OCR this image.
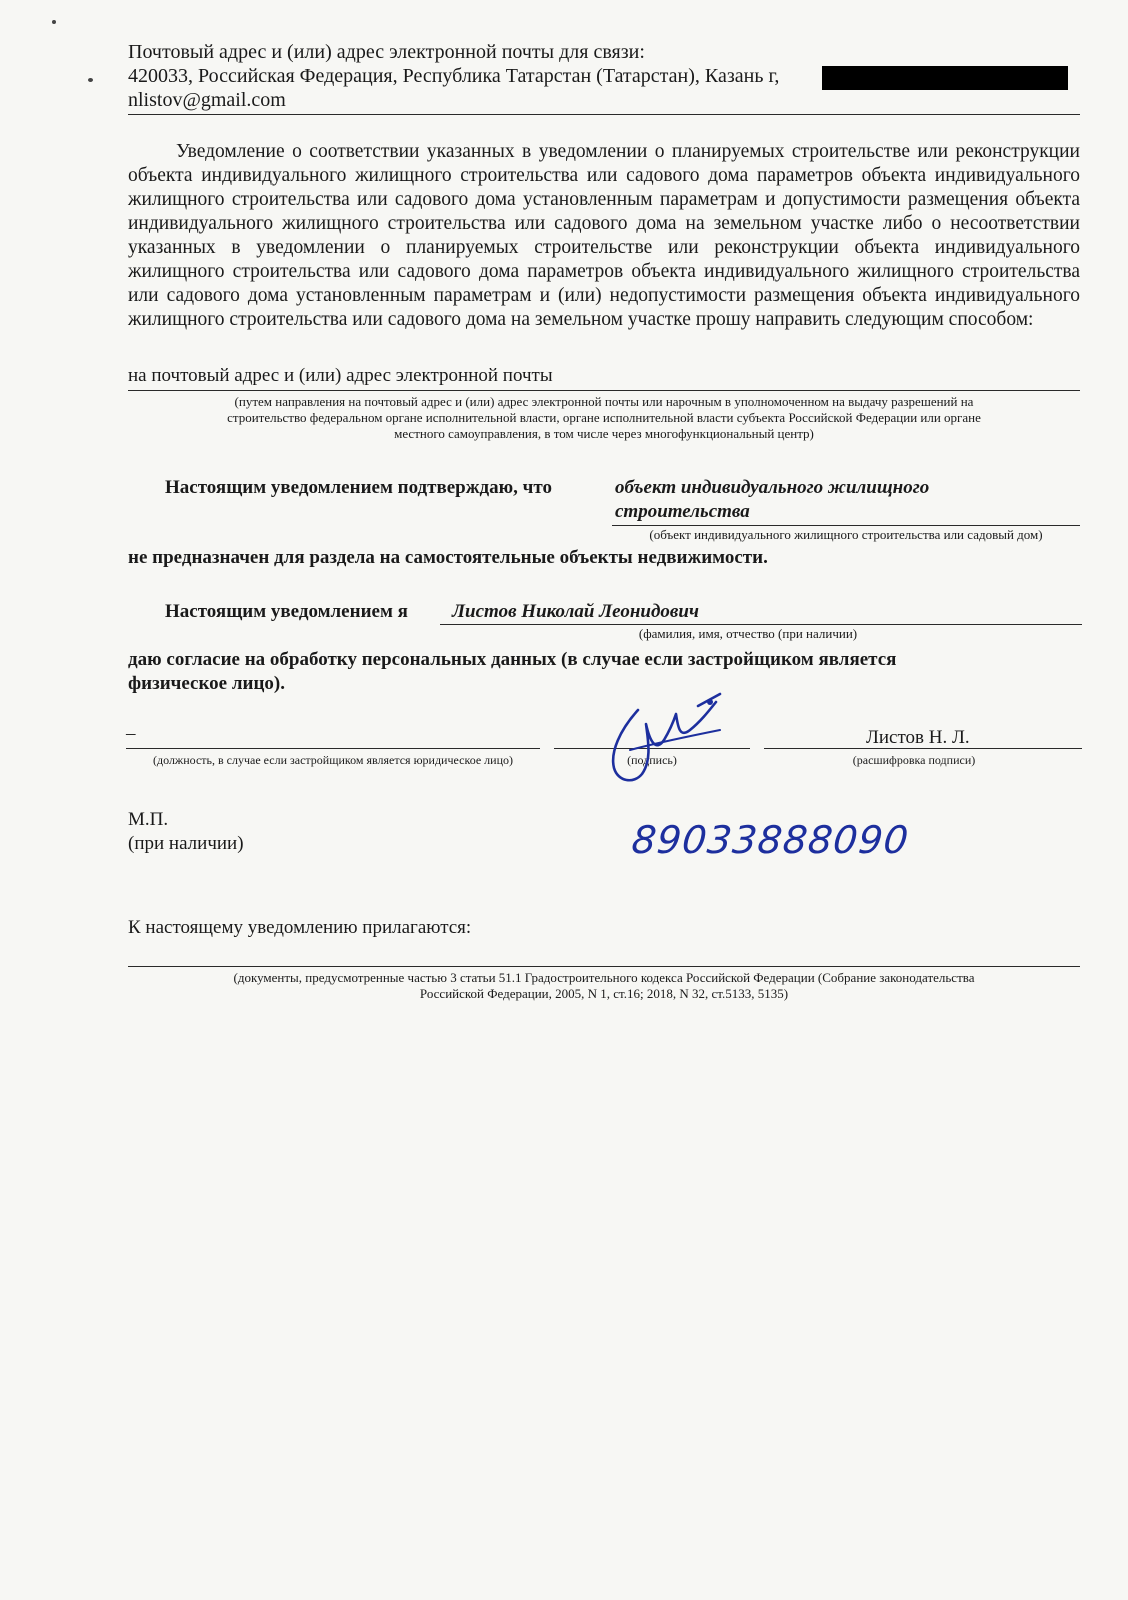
Почтовый адрес и (или) адрес электронной почты для связи:
420033, Российская Федерация, Республика Татарстан (Татарстан), Казань г,
nlistov@gmail.com
Уведомление о соответствии указанных в уведомлении о планируемых строительстве или реконструкции объекта индивидуального жилищного строительства или садового дома параметров объекта индивидуального жилищного строительства или садового дома установленным параметрам и допустимости размещения объекта индивидуального жилищного строительства или садового дома на земельном участке либо о несоответствии указанных в уведомлении о планируемых строительстве или реконструкции объекта индивидуального жилищного строительства или садового дома параметров объекта индивидуального жилищного строительства или садового дома установленным параметрам и (или) недопустимости размещения объекта индивидуального жилищного строительства или садового дома на земельном участке прошу направить следующим способом:
на почтовый адрес и (или) адрес электронной почты
(путем направления на почтовый адрес и (или) адрес электронной почты или нарочным в уполномоченном на выдачу разрешений на
строительство федеральном органе исполнительной власти, органе исполнительной власти субъекта Российской Федерации или органе
местного самоуправления, в том числе через многофункциональный центр)
Настоящим уведомлением подтверждаю, что	объект индивидуального жилищного
строительства
(объект индивидуального жилищного строительства или садовый дом)
не предназначен для раздела на самостоятельные объекты недвижимости.
Настоящим уведомлением я Листов Николай Леонидович
(фамилия, имя, отчество (при наличии)
даю согласие на обработку персональных данных (в случае если застройщиком является
физическое лицо).
–
(должность, в случае если застройщиком является юридическое лицо)	(подпись)
Листов Н. Л.
(расшифровка подписи)
М.П.
(при наличии)	89033888090
К настоящему уведомлению прилагаются:
(документы, предусмотренные частью 3 статьи 51.1 Градостроительного кодекса Российской Федерации (Собрание законодательства
Российской Федерации, 2005, N 1, ст.16; 2018, N 32, ст.5133, 5135)
